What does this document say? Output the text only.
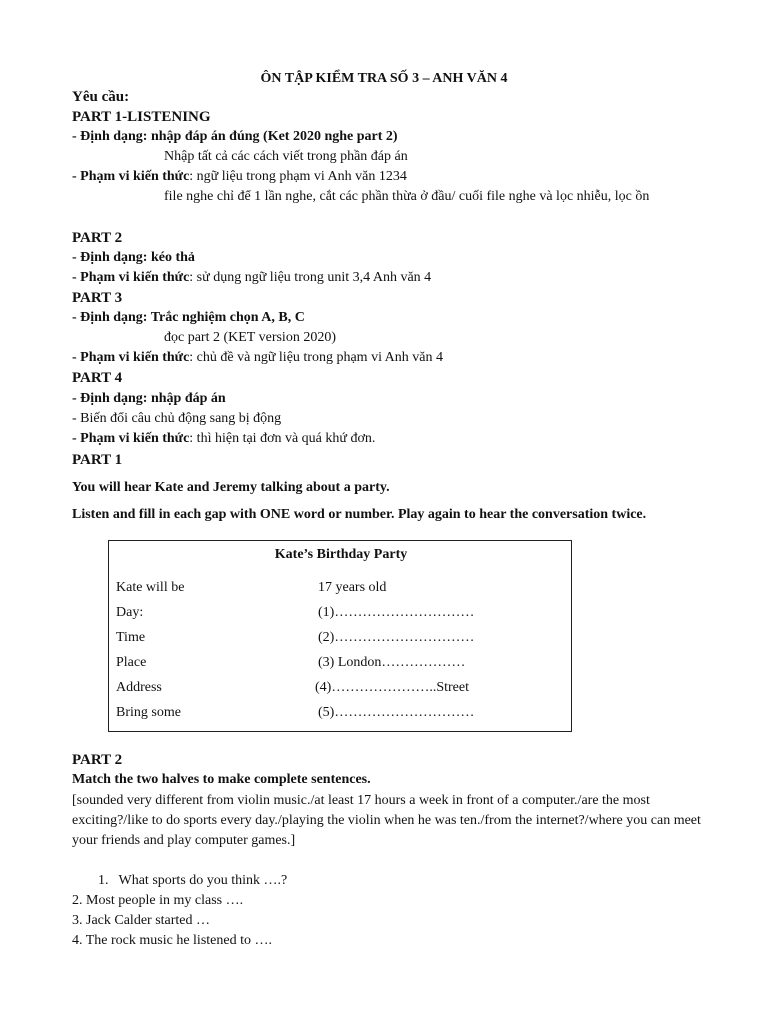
ÔN TẬP KIỂM TRA SỐ 3 – ANH VĂN 4
Yêu cầu:
PART 1-LISTENING
- Định dạng: nhập đáp án đúng (Ket 2020 nghe part 2)
Nhập tất cả các cách viết trong phần đáp án
- Phạm vi kiến thức: ngữ liệu trong phạm vi Anh văn 1234
file nghe chỉ để 1 lần nghe, cắt các phần thừa ở đầu/ cuối file nghe và lọc nhiễu, lọc ồn
PART 2
- Định dạng: kéo thả
- Phạm vi kiến thức: sử dụng ngữ liệu trong unit 3,4 Anh văn 4
PART 3
- Định dạng: Trắc nghiệm chọn A, B, C
đọc part 2 (KET version 2020)
- Phạm vi kiến thức: chủ đề và ngữ liệu trong phạm vi Anh văn 4
PART 4
- Định dạng: nhập đáp án
- Biến đổi câu chủ động sang bị động
- Phạm vi kiến thức: thì hiện tại đơn và quá khứ đơn.
PART 1
You will hear Kate and Jeremy talking about a party.
Listen and fill in each gap with ONE word or number. Play again to hear the conversation twice.
Kate’s Birthday Party
Kate will be	17 years old
Day:	(1)…………………………
Time	(2)…………………………
Place	(3) London………………
Address	(4)…………………..Street
Bring some	(5)…………………………
PART 2
Match the two halves to make complete sentences.
[sounded very different from violin music./at least 17 hours a week in front of a computer./are the most exciting?/like to do sports every day./playing the violin when he was ten./from the internet?/where you can meet your friends and play computer games.]
1. What sports do you think ….?
2. Most people in my class ….
3. Jack Calder started …
4. The rock music he listened to ….
